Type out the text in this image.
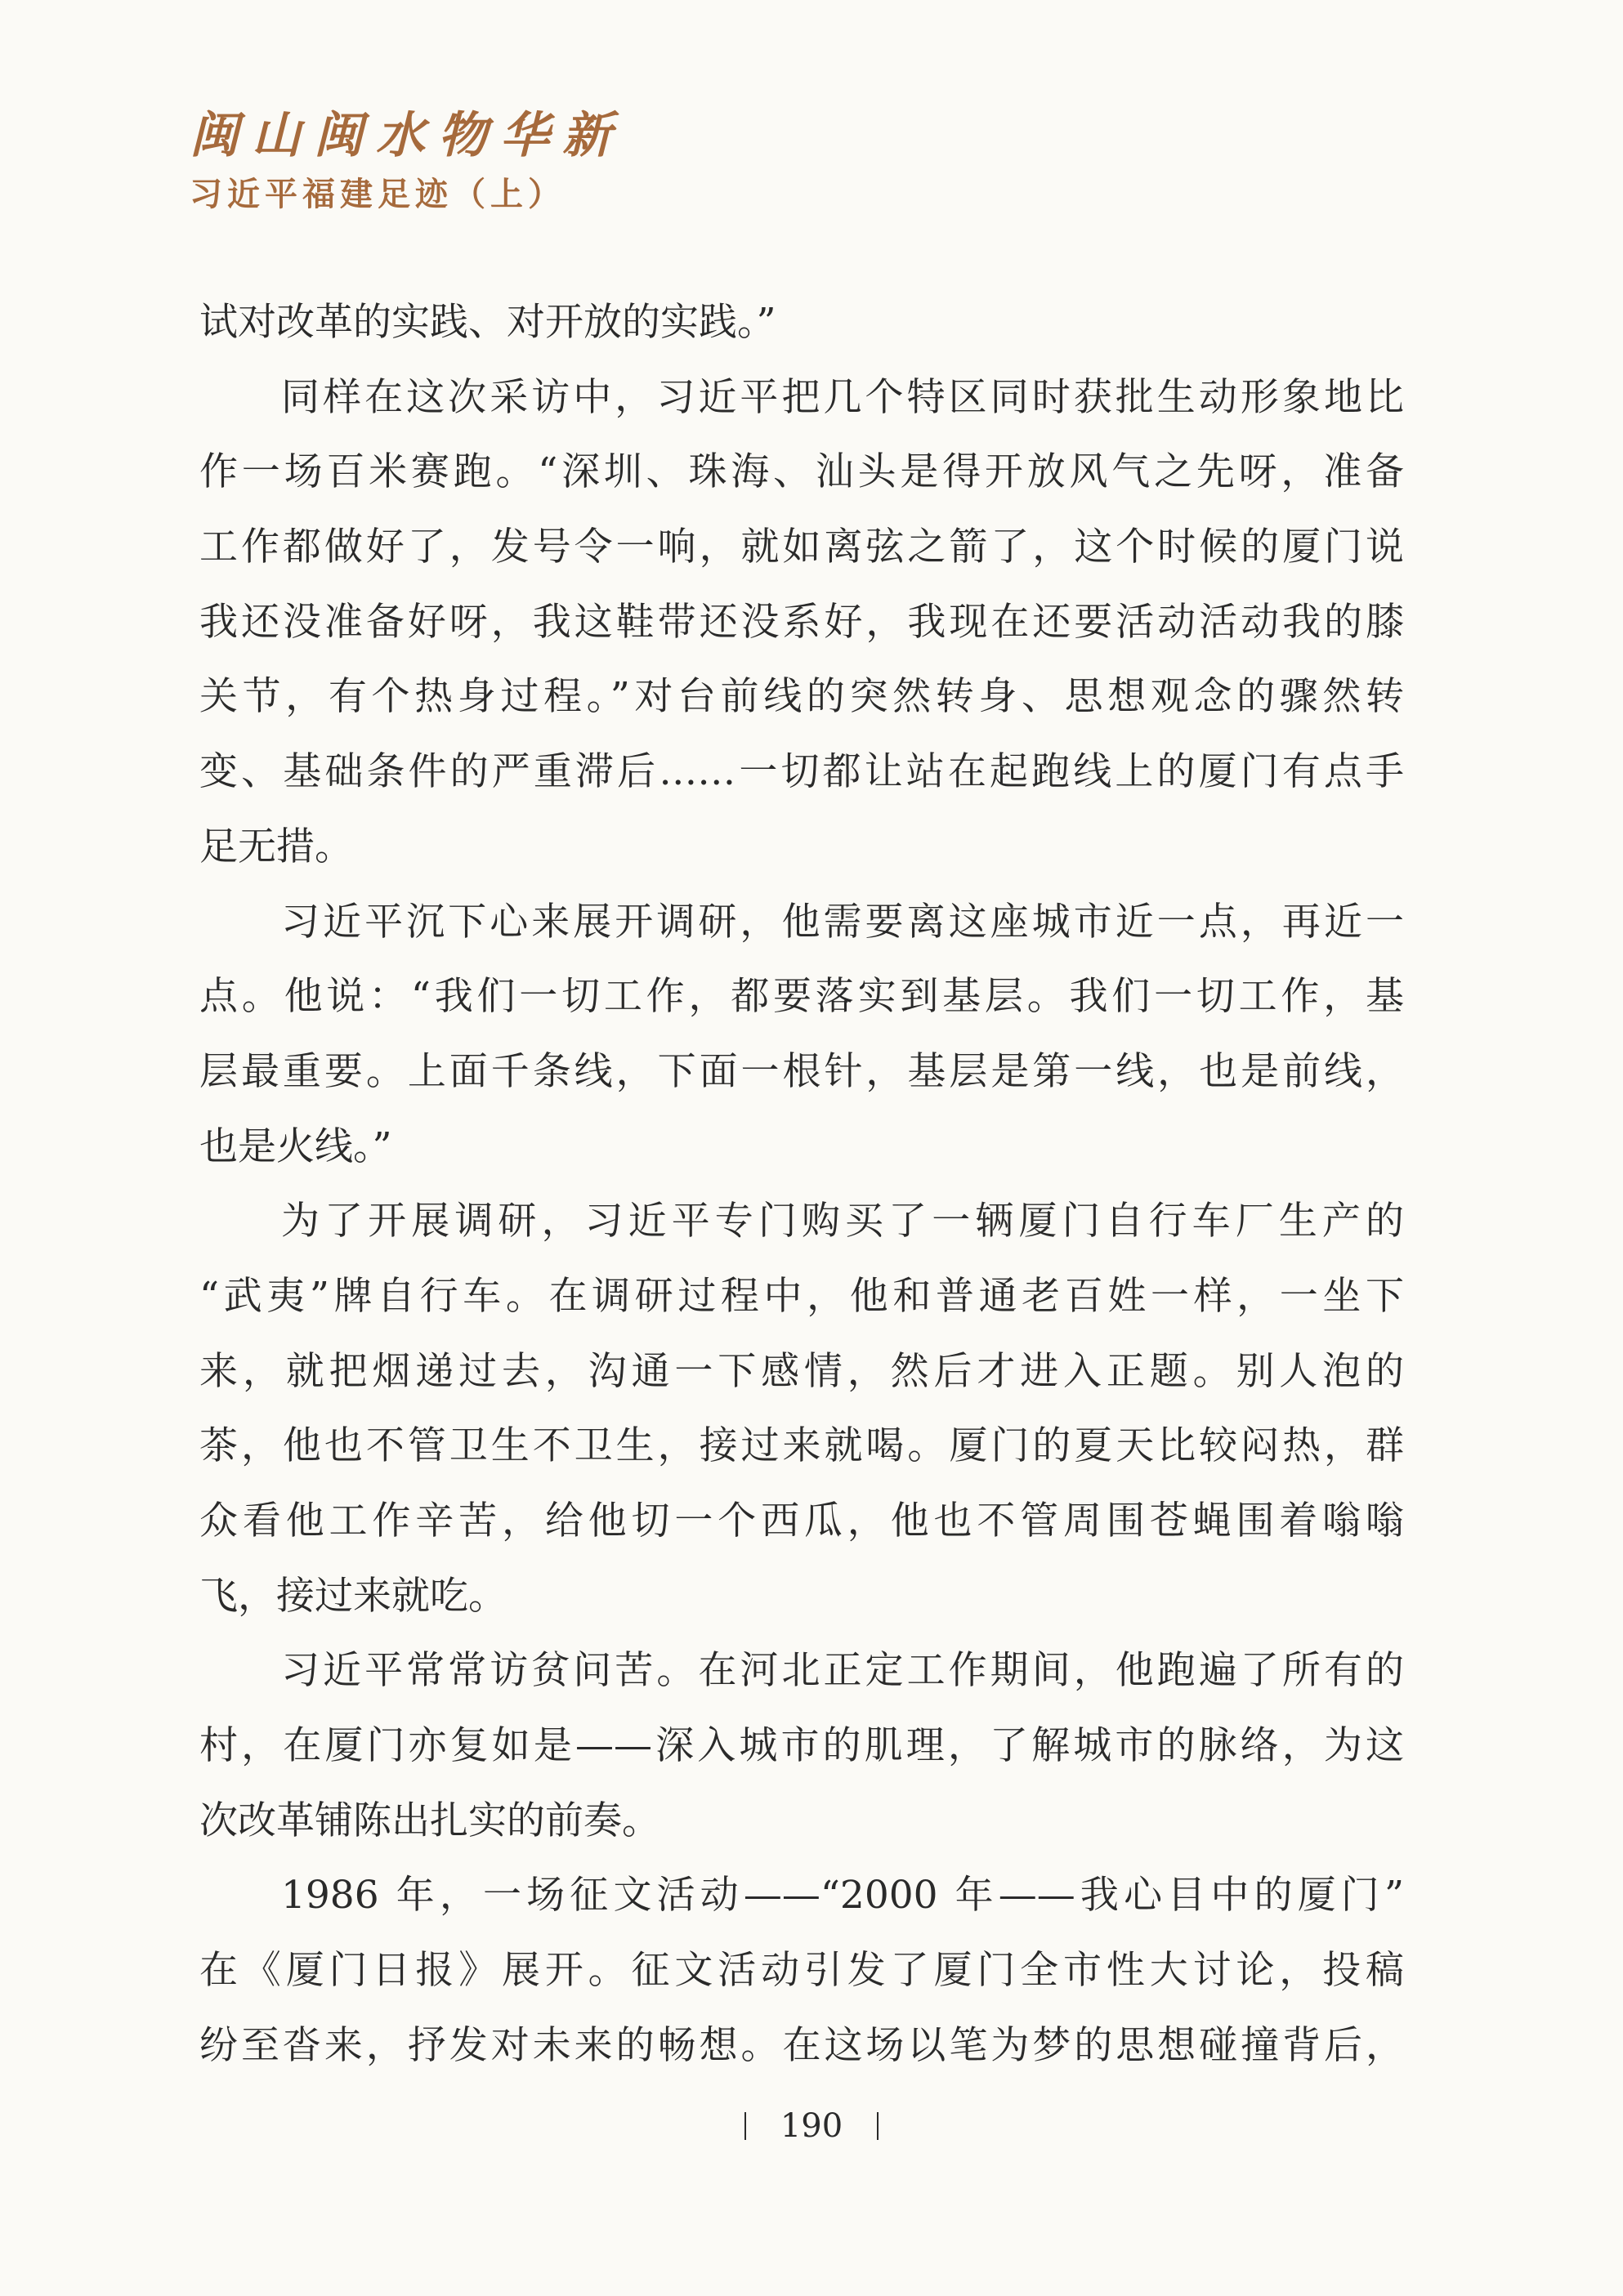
闽山闽水物华新
习近平福建足迹（上）
试对改革的实践、对开放的实践。”
同样在这次采访中，习近平把几个特区同时获批生动形象地比
作一场百米赛跑。“深圳、珠海、汕头是得开放风气之先呀，准备
工作都做好了，发号令一响，就如离弦之箭了，这个时候的厦门说
我还没准备好呀，我这鞋带还没系好，我现在还要活动活动我的膝
关节，有个热身过程。”对台前线的突然转身、思想观念的骤然转
变、基础条件的严重滞后……一切都让站在起跑线上的厦门有点手
足无措。
习近平沉下心来展开调研，他需要离这座城市近一点，再近一
点。他说：“我们一切工作，都要落实到基层。我们一切工作，基
层最重要。上面千条线，下面一根针，基层是第一线，也是前线，
也是火线。”
为了开展调研，习近平专门购买了一辆厦门自行车厂生产的
“武夷”牌自行车。在调研过程中，他和普通老百姓一样，一坐下
来，就把烟递过去，沟通一下感情，然后才进入正题。别人泡的
茶，他也不管卫生不卫生，接过来就喝。厦门的夏天比较闷热，群
众看他工作辛苦，给他切一个西瓜，他也不管周围苍蝇围着嗡嗡
飞，接过来就吃。
习近平常常访贫问苦。在河北正定工作期间，他跑遍了所有的
村，在厦门亦复如是——深入城市的肌理，了解城市的脉络，为这
次改革铺陈出扎实的前奏。
1986 年，一场征文活动——“2000 年——我心目中的厦门”
在《厦门日报》展开。征文活动引发了厦门全市性大讨论，投稿
纷至沓来，抒发对未来的畅想。在这场以笔为梦的思想碰撞背后，
190
